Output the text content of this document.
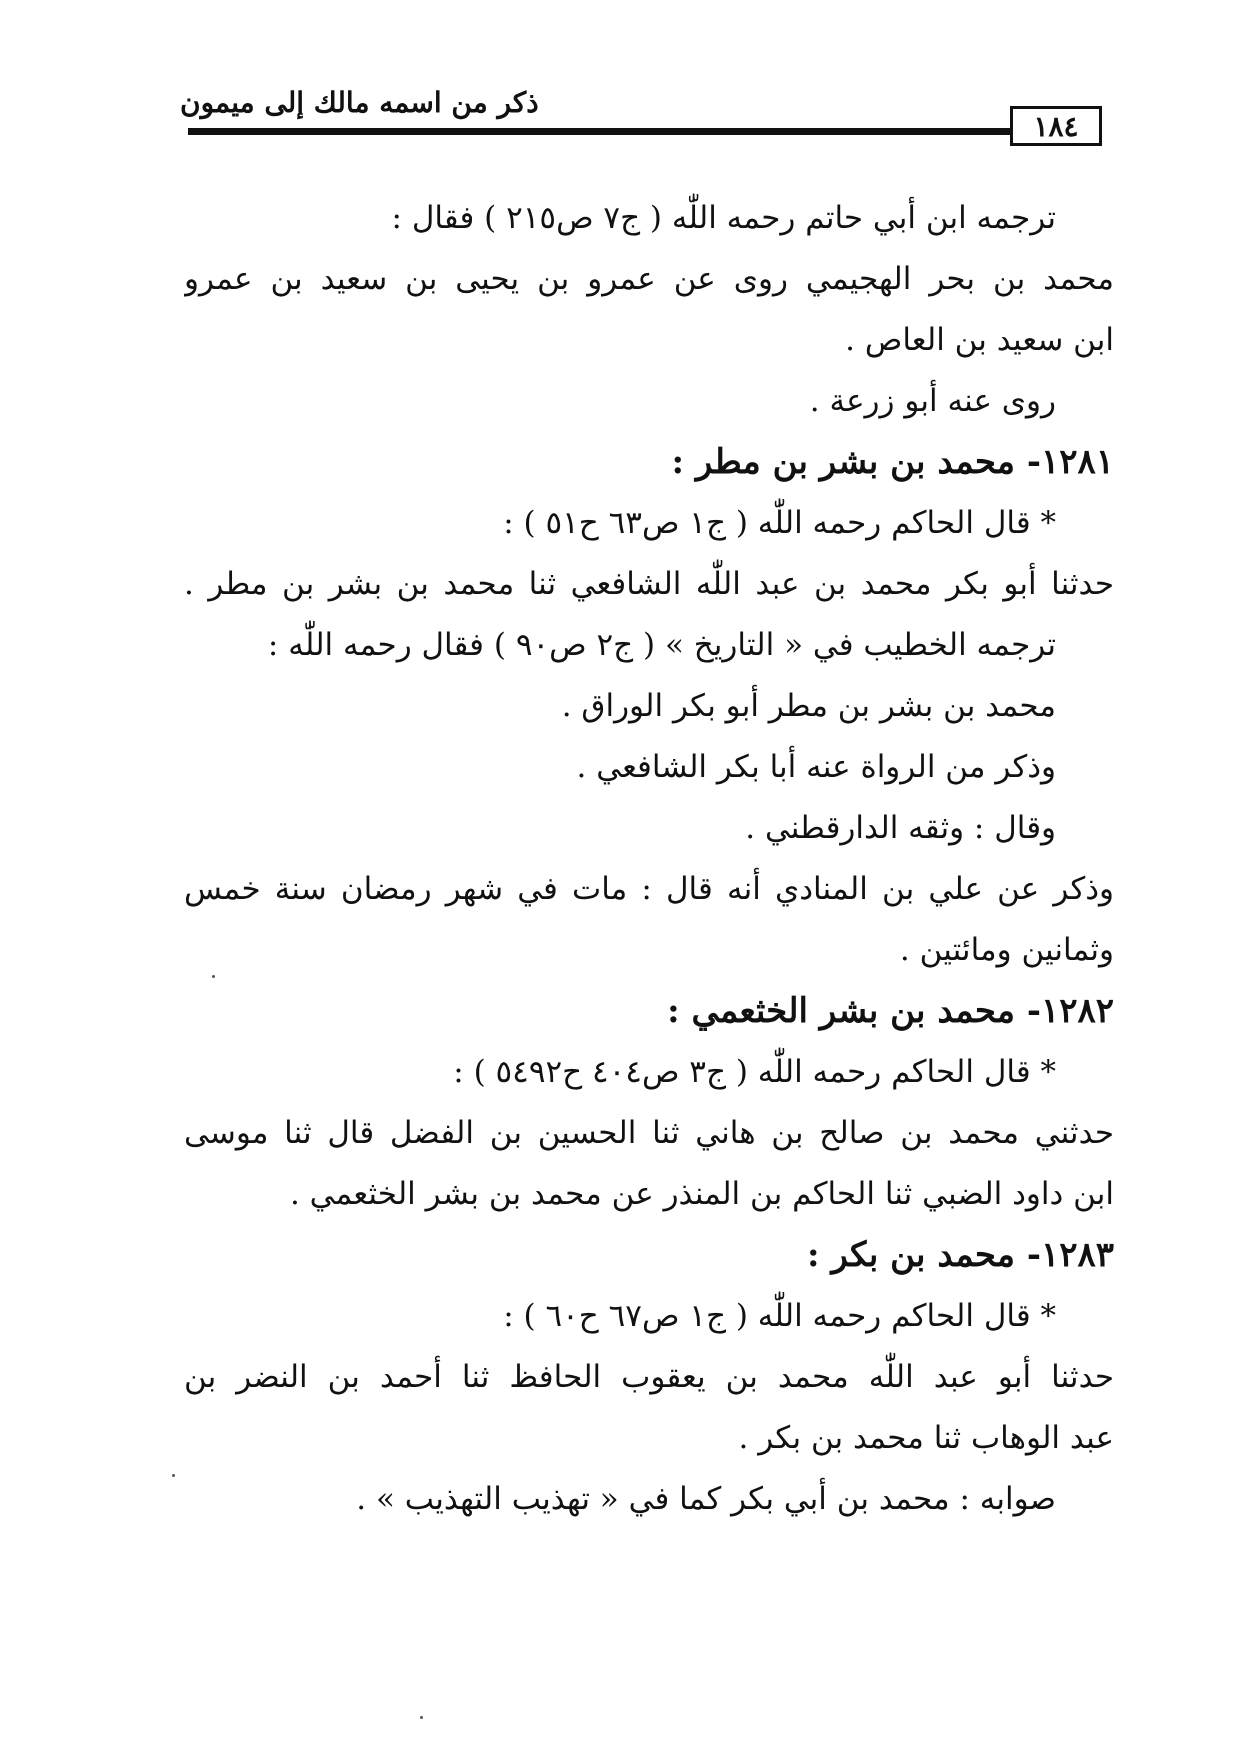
ذكر من اسمه مالك إلى ميمون
١٨٤
ترجمه ابن أبي حاتم رحمه اللّٰه ( ج٧ ص٢١٥ ) فقال :
محمد بن بحر الهجيمي روى عن عمرو بن يحيى بن سعيد بن عمرو
ابن سعيد بن العاص .
روى عنه أبو زرعة .
١٢٨١- محمد بن بشر بن مطر :
* قال الحاكم رحمه اللّٰه ( ج١ ص٦٣ ح٥١ ) :
حدثنا أبو بكر محمد بن عبد اللّٰه الشافعي ثنا محمد بن بشر بن مطر .
ترجمه الخطيب في « التاريخ » ( ج٢ ص٩٠ ) فقال رحمه اللّٰه :
محمد بن بشر بن مطر أبو بكر الوراق .
وذكر من الرواة عنه أبا بكر الشافعي .
وقال : وثقه الدارقطني .
وذكر عن علي بن المنادي أنه قال : مات في شهر رمضان سنة خمس
وثمانين ومائتين .
١٢٨٢- محمد بن بشر الخثعمي :
* قال الحاكم رحمه اللّٰه ( ج٣ ص٤٠٤ ح٥٤٩٢ ) :
حدثني محمد بن صالح بن هاني ثنا الحسين بن الفضل قال ثنا موسى
ابن داود الضبي ثنا الحاكم بن المنذر عن محمد بن بشر الخثعمي .
١٢٨٣- محمد بن بكر :
* قال الحاكم رحمه اللّٰه ( ج١ ص٦٧ ح٦٠ ) :
حدثنا أبو عبد اللّٰه محمد بن يعقوب الحافظ ثنا أحمد بن النضر بن
عبد الوهاب ثنا محمد بن بكر .
صوابه : محمد بن أبي بكر كما في « تهذيب التهذيب » .
